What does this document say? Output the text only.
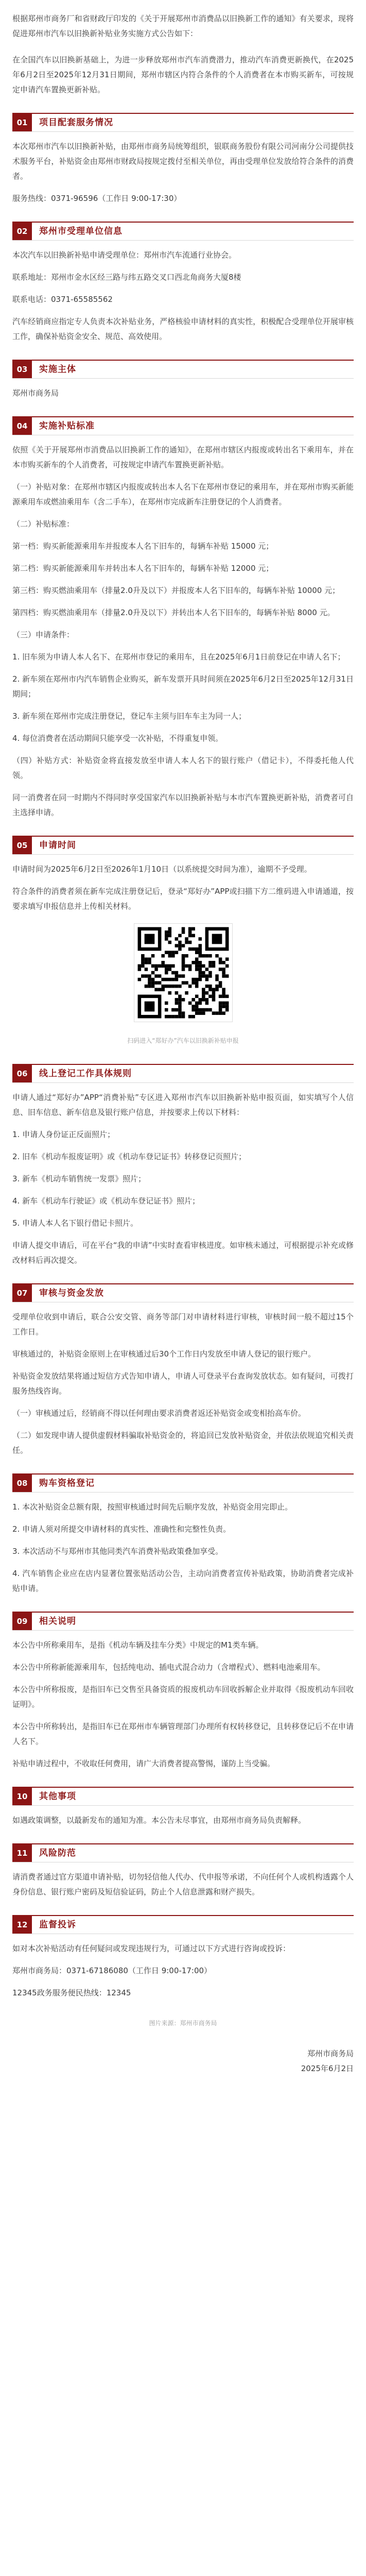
根据郑州市商务厂和省财政厅印发的《关于开展郑州市消费品以旧换新工作的通知》有关要求，现将促进郑州市汽车以旧换新补贴业务实施方式公告如下：

在全国汽车以旧换新基础上，为进一步释放郑州市汽车消费潜力，推动汽车消费更新换代，在2025年6月2日至2025年12月31日期间，郑州市辖区内符合条件的个人消费者在本市购买新车，可按规定申请汽车置换更新补贴。

01	项目配套服务情况

本次郑州市汽车以旧换新补贴，由郑州市商务局统筹组织，银联商务股份有限公司河南分公司提供技术服务平台，补贴资金由郑州市财政局按规定拨付至相关单位，再由受理单位发放给符合条件的消费者。

服务热线：0371-96596（工作日 9:00-17:30）

02	郑州市受理单位信息

本次汽车以旧换新补贴申请受理单位：郑州市汽车流通行业协会。

联系地址：郑州市金水区经三路与纬五路交叉口西北角商务大厦8楼

联系电话：0371-65585562

汽车经销商应指定专人负责本次补贴业务，严格核验申请材料的真实性，积极配合受理单位开展审核工作，确保补贴资金安全、规范、高效使用。

03	实施主体

郑州市商务局

04	实施补贴标准

依照《关于开展郑州市消费品以旧换新工作的通知》，在郑州市辖区内报废或转出名下乘用车，并在本市购买新车的个人消费者，可按规定申请汽车置换更新补贴。

（一）补贴对象：在郑州市辖区内报废或转出本人名下在郑州市登记的乘用车，并在郑州市购买新能源乘用车或燃油乘用车（含二手车），在郑州市完成新车注册登记的个人消费者。

（二）补贴标准：

第一档：购买新能源乘用车并报废本人名下旧车的，每辆车补贴 15000 元；

第二档：购买新能源乘用车并转出本人名下旧车的，每辆车补贴 12000 元；

第三档：购买燃油乘用车（排量2.0升及以下）并报废本人名下旧车的，每辆车补贴 10000 元；

第四档：购买燃油乘用车（排量2.0升及以下）并转出本人名下旧车的，每辆车补贴 8000 元。

（三）申请条件：

1. 旧车须为申请人本人名下、在郑州市登记的乘用车，且在2025年6月1日前登记在申请人名下；

2. 新车须在郑州市内汽车销售企业购买，新车发票开具时间须在2025年6月2日至2025年12月31日期间；

3. 新车须在郑州市完成注册登记，登记车主须与旧车车主为同一人；

4. 每位消费者在活动期间只能享受一次补贴，不得重复申领。

（四）补贴方式：补贴资金将直接发放至申请人本人名下的银行账户（借记卡），不得委托他人代领。

同一消费者在同一时期内不得同时享受国家汽车以旧换新补贴与本市汽车置换更新补贴，消费者可自主选择申请。

05	申请时间

申请时间为2025年6月2日至2026年1月10日（以系统提交时间为准），逾期不予受理。

符合条件的消费者须在新车完成注册登记后，登录“郑好办”APP或扫描下方二维码进入申请通道，按要求填写申报信息并上传相关材料。

扫码进入“郑好办”汽车以旧换新补贴申报
06	线上登记工作具体规则

申请人通过“郑好办”APP“消费补贴”专区进入郑州市汽车以旧换新补贴申报页面，如实填写个人信息、旧车信息、新车信息及银行账户信息，并按要求上传以下材料：

1. 申请人身份证正反面照片；

2. 旧车《机动车报废证明》或《机动车登记证书》转移登记页照片；

3. 新车《机动车销售统一发票》照片；

4. 新车《机动车行驶证》或《机动车登记证书》照片；

5. 申请人本人名下银行借记卡照片。

申请人提交申请后，可在平台“我的申请”中实时查看审核进度。如审核未通过，可根据提示补充或修改材料后再次提交。

07	审核与资金发放

受理单位收到申请后，联合公安交管、商务等部门对申请材料进行审核，审核时间一般不超过15个工作日。

审核通过的，补贴资金原则上在审核通过后30个工作日内发放至申请人登记的银行账户。

补贴资金发放结果将通过短信方式告知申请人，申请人可登录平台查询发放状态。如有疑问，可拨打服务热线咨询。

（一）审核通过后，经销商不得以任何理由要求消费者返还补贴资金或变相抬高车价。

（二）如发现申请人提供虚假材料骗取补贴资金的，将追回已发放补贴资金，并依法依规追究相关责任。

08	购车资格登记

1. 本次补贴资金总额有限，按照审核通过时间先后顺序发放，补贴资金用完即止。

2. 申请人须对所提交申请材料的真实性、准确性和完整性负责。

3. 本次活动不与郑州市其他同类汽车消费补贴政策叠加享受。

4. 汽车销售企业应在店内显著位置张贴活动公告，主动向消费者宣传补贴政策，协助消费者完成补贴申请。

09	相关说明

本公告中所称乘用车，是指《机动车辆及挂车分类》中规定的M1类车辆。

本公告中所称新能源乘用车，包括纯电动、插电式混合动力（含增程式）、燃料电池乘用车。

本公告中所称报废，是指旧车已交售至具备资质的报废机动车回收拆解企业并取得《报废机动车回收证明》。

本公告中所称转出，是指旧车已在郑州市车辆管理部门办理所有权转移登记，且转移登记后不在申请人名下。

补贴申请过程中，不收取任何费用，请广大消费者提高警惕，谨防上当受骗。

10	其他事项

如遇政策调整，以最新发布的通知为准。本公告未尽事宜，由郑州市商务局负责解释。

11	风险防范

请消费者通过官方渠道申请补贴，切勿轻信他人代办、代申报等承诺，不向任何个人或机构透露个人身份信息、银行账户密码及短信验证码，防止个人信息泄露和财产损失。

12	监督投诉

如对本次补贴活动有任何疑问或发现违规行为，可通过以下方式进行咨询或投诉：

郑州市商务局：0371-67186080（工作日 9:00-17:00）

12345政务服务便民热线：12345

图片来源：郑州市商务局
郑州市商务局
2025年6月2日
